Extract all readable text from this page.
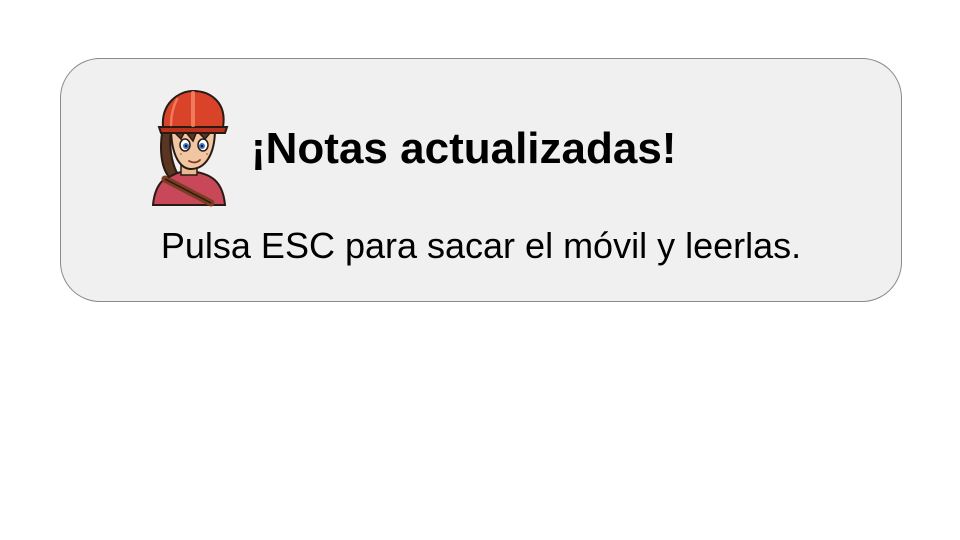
¡Notas actualizadas!
Pulsa ESC para sacar el móvil y leerlas.
